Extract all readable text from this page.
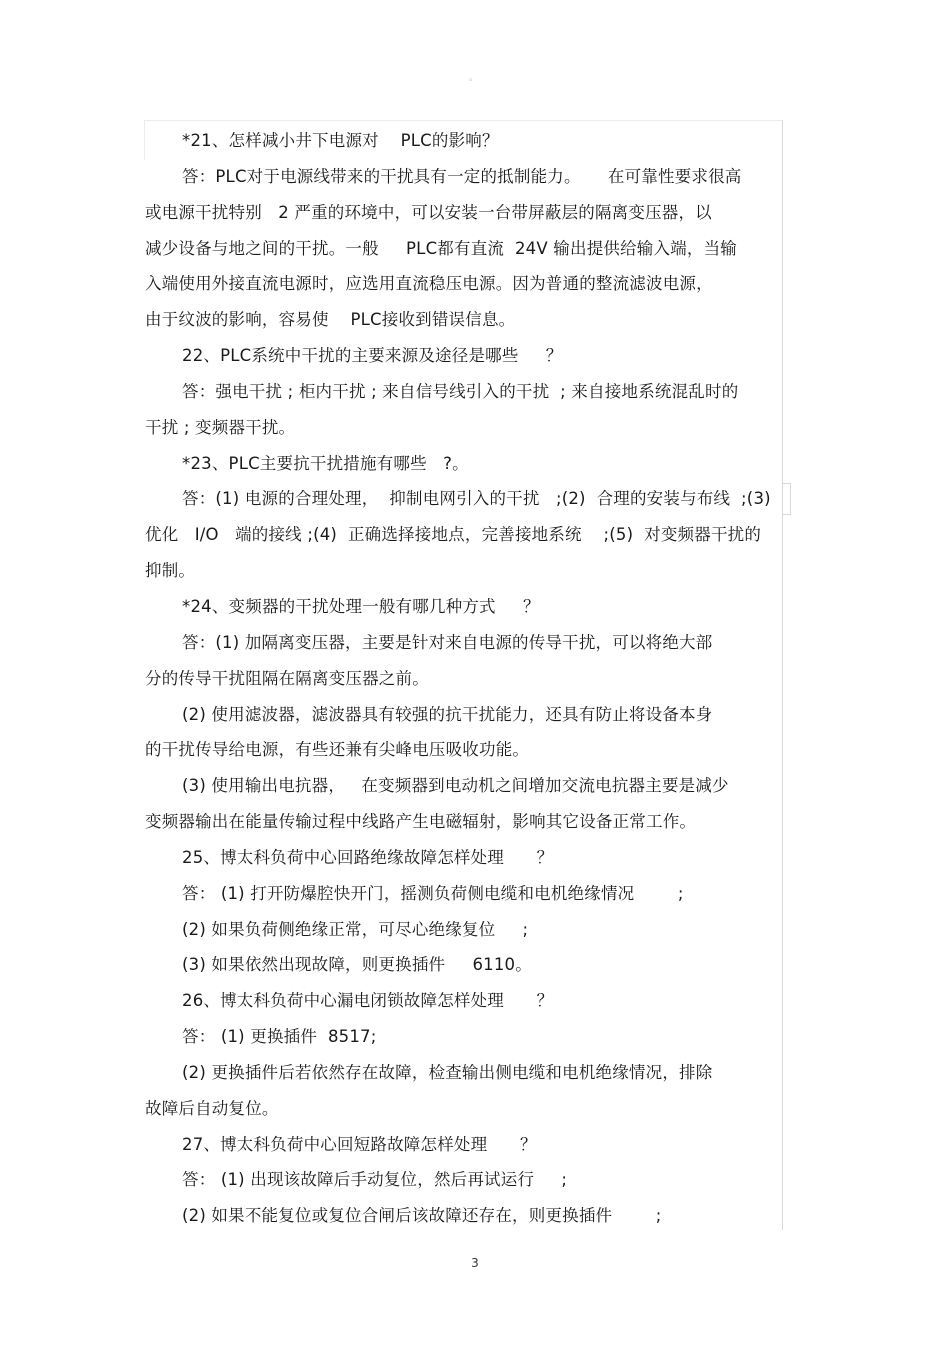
。
*21、怎样减小井下电源对    PLC的影响？
答：PLC对于电源线带来的干扰具有一定的抵制能力。     在可靠性要求很高
或电源干扰特别   2 严重的环境中，可以安装一台带屏蔽层的隔离变压器，以
减少设备与地之间的干扰。一般     PLC都有直流  24V 输出提供给输入端，当输
入端使用外接直流电源时，应选用直流稳压电源。因为普通的整流滤波电源，
由于纹波的影响，容易使    PLC接收到错误信息。
22、PLC系统中干扰的主要来源及途径是哪些     ？
答：强电干扰 ; 柜内干扰 ; 来自信号线引入的干扰  ; 来自接地系统混乱时的
干扰 ; 变频器干扰。
*23、PLC主要抗干扰措施有哪些   ?。
答：(1) 电源的合理处理，  抑制电网引入的干扰   ;(2)  合理的安装与布线  ;(3)
优化   I/O   端的接线 ;(4)  正确选择接地点，完善接地系统    ;(5)  对变频器干扰的
抑制。
*24、变频器的干扰处理一般有哪几种方式     ？
答：(1) 加隔离变压器，主要是针对来自电源的传导干扰，可以将绝大部
分的传导干扰阻隔在隔离变压器之前。
(2) 使用滤波器，滤波器具有较强的抗干扰能力，还具有防止将设备本身
的干扰传导给电源，有些还兼有尖峰电压吸收功能。
(3) 使用输出电抗器，   在变频器到电动机之间增加交流电抗器主要是减少
变频器输出在能量传输过程中线路产生电磁辐射，影响其它设备正常工作。
25、博太科负荷中心回路绝缘故障怎样处理      ？
答： (1) 打开防爆腔快开门，摇测负荷侧电缆和电机绝缘情况        ;
(2) 如果负荷侧绝缘正常，可尽心绝缘复位     ;
(3) 如果依然出现故障，则更换插件     6110。
26、博太科负荷中心漏电闭锁故障怎样处理      ？
答： (1) 更换插件  8517;
(2) 更换插件后若依然存在故障，检查输出侧电缆和电机绝缘情况，排除
故障后自动复位。
27、博太科负荷中心回短路故障怎样处理      ？
答： (1) 出现该故障后手动复位，然后再试运行     ;
(2) 如果不能复位或复位合闸后该故障还存在，则更换插件        ;
3
